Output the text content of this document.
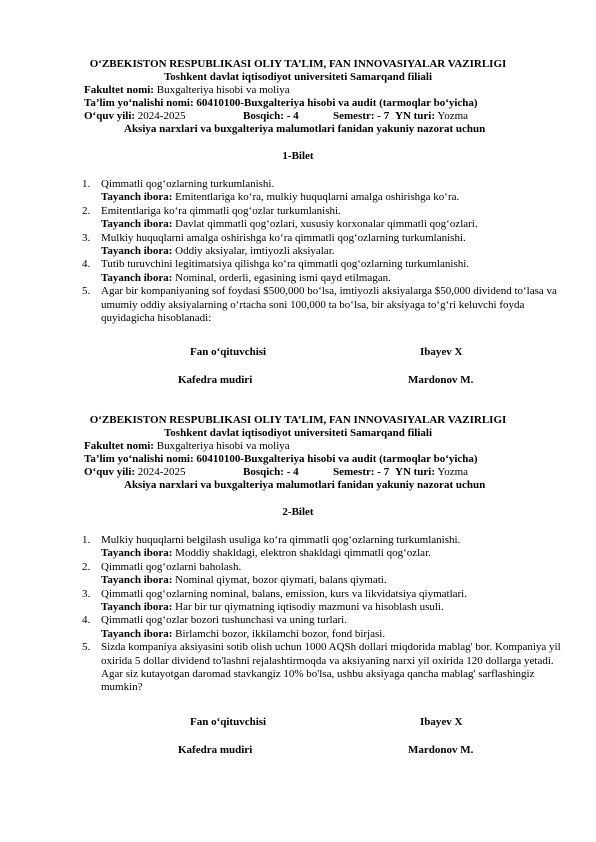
O‘ZBEKISTON RESPUBLIKASI OLIY TA’LIM, FAN INNOVASIYALAR VAZIRLIGI
Toshkent davlat iqtisodiyot universiteti Samarqand filiali
Fakultet nomi: Buxgalteriya hisobi va moliya
Ta’lim yo‘nalishi nomi: 60410100-Buxgalteriya hisobi va audit (tarmoqlar bo‘yicha)
O‘quv yili: 2024-2025	Bosqich: - 4	Semestr: - 7 YN turi: Yozma
Aksiya narxlari va buxgalteriya malumotlari fanidan yakuniy nazorat uchun
1-Bilet
1. Qimmatli qog‘ozlarning turkumlanishi.
Tayanch ibora: Emitentlariga ko‘ra, mulkiy huquqlarni amalga oshirishga ko‘ra.
2. Emitentlariga ko‘ra qimmatli qog‘ozlar turkumlanishi.
Tayanch ibora: Davlat qimmatli qog‘ozlari, xususiy korxonalar qimmatli qog‘ozlari.
3. Mulkiy huquqlarni amalga oshirishga ko‘ra qimmatli qog‘ozlarning turkumlanishi.
Tayanch ibora: Oddiy aksiyalar, imtiyozli aksiyalar.
4. Tutib turuvchini legitimatsiya qilishga ko‘ra qimmatli qog‘ozlarning turkumlanishi.
Tayanch ibora: Nominal, orderli, egasining ismi qayd etilmagan.
5. Agar bir kompaniyaning sof foydasi $500,000 bo‘lsa, imtiyozli aksiyalarga $50,000 dividend to‘lasa va umumiy oddiy aksiyalarning o‘rtacha soni 100,000 ta bo‘lsa, bir aksiyaga to‘g‘ri keluvchi foyda quyidagicha hisoblanadi:
Fan o‘qituvchisi	Ibayev X
Kafedra mudiri	Mardonov M.
O‘ZBEKISTON RESPUBLIKASI OLIY TA’LIM, FAN INNOVASIYALAR VAZIRLIGI
Toshkent davlat iqtisodiyot universiteti Samarqand filiali
Fakultet nomi: Buxgalteriya hisobi va moliya
Ta’lim yo‘nalishi nomi: 60410100-Buxgalteriya hisobi va audit (tarmoqlar bo‘yicha)
O‘quv yili: 2024-2025	Bosqich: - 4	Semestr: - 7 YN turi: Yozma
Aksiya narxlari va buxgalteriya malumotlari fanidan yakuniy nazorat uchun
2-Bilet
1. Mulkiy huquqlarni belgilash usuliga ko‘ra qimmatli qog‘ozlarning turkumlanishi.
Tayanch ibora: Moddiy shakldagi, elektron shakldagi qimmatli qog‘ozlar.
2. Qimmatli qog‘ozlarni baholash.
Tayanch ibora: Nominal qiymat, bozor qiymati, balans qiymati.
3. Qimmatli qog‘ozlarning nominal, balans, emission, kurs va likvidatsiya qiymatlari.
Tayanch ibora: Har bir tur qiymatning iqtisodiy mazmuni va hisoblash usuli.
4. Qimmatli qog‘ozlar bozori tushunchasi va uning turlari.
Tayanch ibora: Birlamchi bozor, ikkilamchi bozor, fond birjasi.
5. Sizda kompaniya aksiyasini sotib olish uchun 1000 AQSh dollari miqdorida mablag' bor. Kompaniya yil oxirida 5 dollar dividend to'lashni rejalashtirmoqda va aksiyaning narxi yil oxirida 120 dollarga yetadi. Agar siz kutayotgan daromad stavkangiz 10% bo'lsa, ushbu aksiyaga qancha mablag' sarflashingiz mumkin?
Fan o‘qituvchisi	Ibayev X
Kafedra mudiri	Mardonov M.
